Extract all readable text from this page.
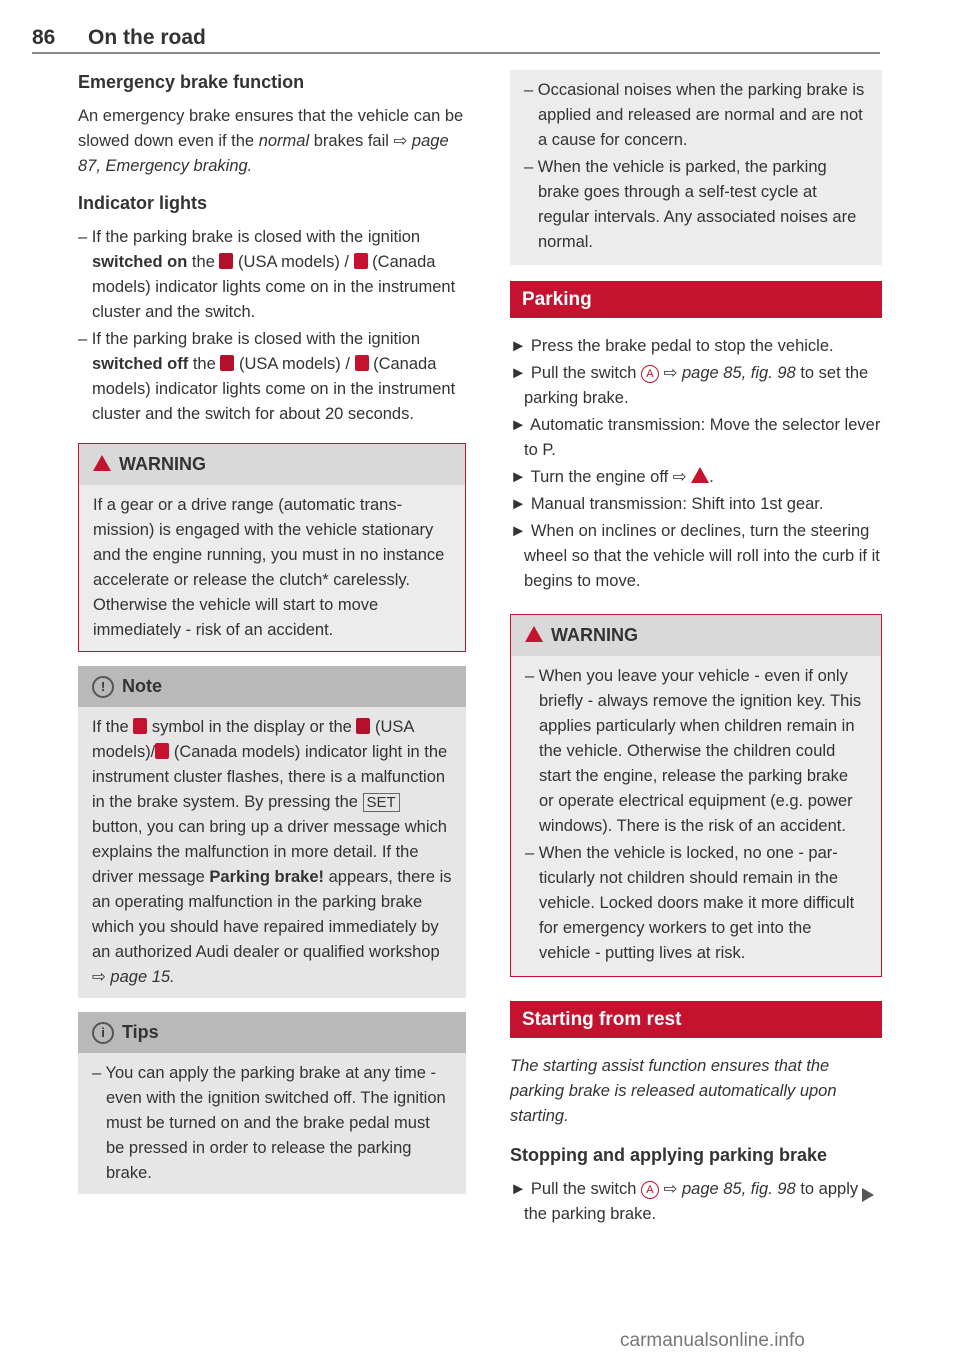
86 On the road
Emergency brake function

An emergency brake ensures that the vehicle can be slowed down even if the normal brakes fail ⇨ page 87, Emergency braking.

Indicator lights

– If the parking brake is closed with the ignition switched on the  (USA models) /  (Canada models) indicator lights come on in the instrument cluster and the switch.

– If the parking brake is closed with the ignition switched off the  (USA models) /  (Canada models) indicator lights come on in the instrument cluster and the switch for about 20 seconds.

WARNING
If a gear or a drive range (automatic transmission) is engaged with the vehicle stationary and the engine running, you must in no instance accelerate or release the clutch* carelessly. Otherwise the vehicle will start to move immediately - risk of an accident.
! Note
If the  symbol in the display or the  (USA models)/ (Canada models) indicator light in the instrument cluster flashes, there is a malfunction in the brake system. By pressing the SET button, you can bring up a driver message which explains the malfunction in more detail. If the driver message Parking brake! appears, there is an operating malfunction in the parking brake which you should have repaired immediately by an authorized Audi dealer or qualified workshop ⇨ page 15.
i Tips
– You can apply the parking brake at any time - even with the ignition switched off. The ignition must be turned on and the brake pedal must be pressed in order to release the parking brake.

– Occasional noises when the parking brake is applied and released are normal and are not a cause for concern.

– When the vehicle is parked, the parking brake goes through a self-test cycle at regular intervals. Any associated noises are normal.

Parking

► Press the brake pedal to stop the vehicle.

► Pull the switch A ⇨ page 85, fig. 98 to set the parking brake.

► Automatic transmission: Move the selector lever to P.

► Turn the engine off ⇨ .

► Manual transmission: Shift into 1st gear.

► When on inclines or declines, turn the steering wheel so that the vehicle will roll into the curb if it begins to move.

WARNING

– When you leave your vehicle - even if only briefly - always remove the ignition key. This applies particularly when children remain in the vehicle. Otherwise the children could start the engine, release the parking brake or operate electrical equipment (e.g. power windows). There is the risk of an accident.

– When the vehicle is locked, no one - particularly not children should remain in the vehicle. Locked doors make it more difficult for emergency workers to get into the vehicle - putting lives at risk.

Starting from rest

The starting assist function ensures that the parking brake is released automatically upon starting.

Stopping and applying parking brake

► Pull the switch A ⇨ page 85, fig. 98 to apply the parking brake.

carmanualsonline.info
